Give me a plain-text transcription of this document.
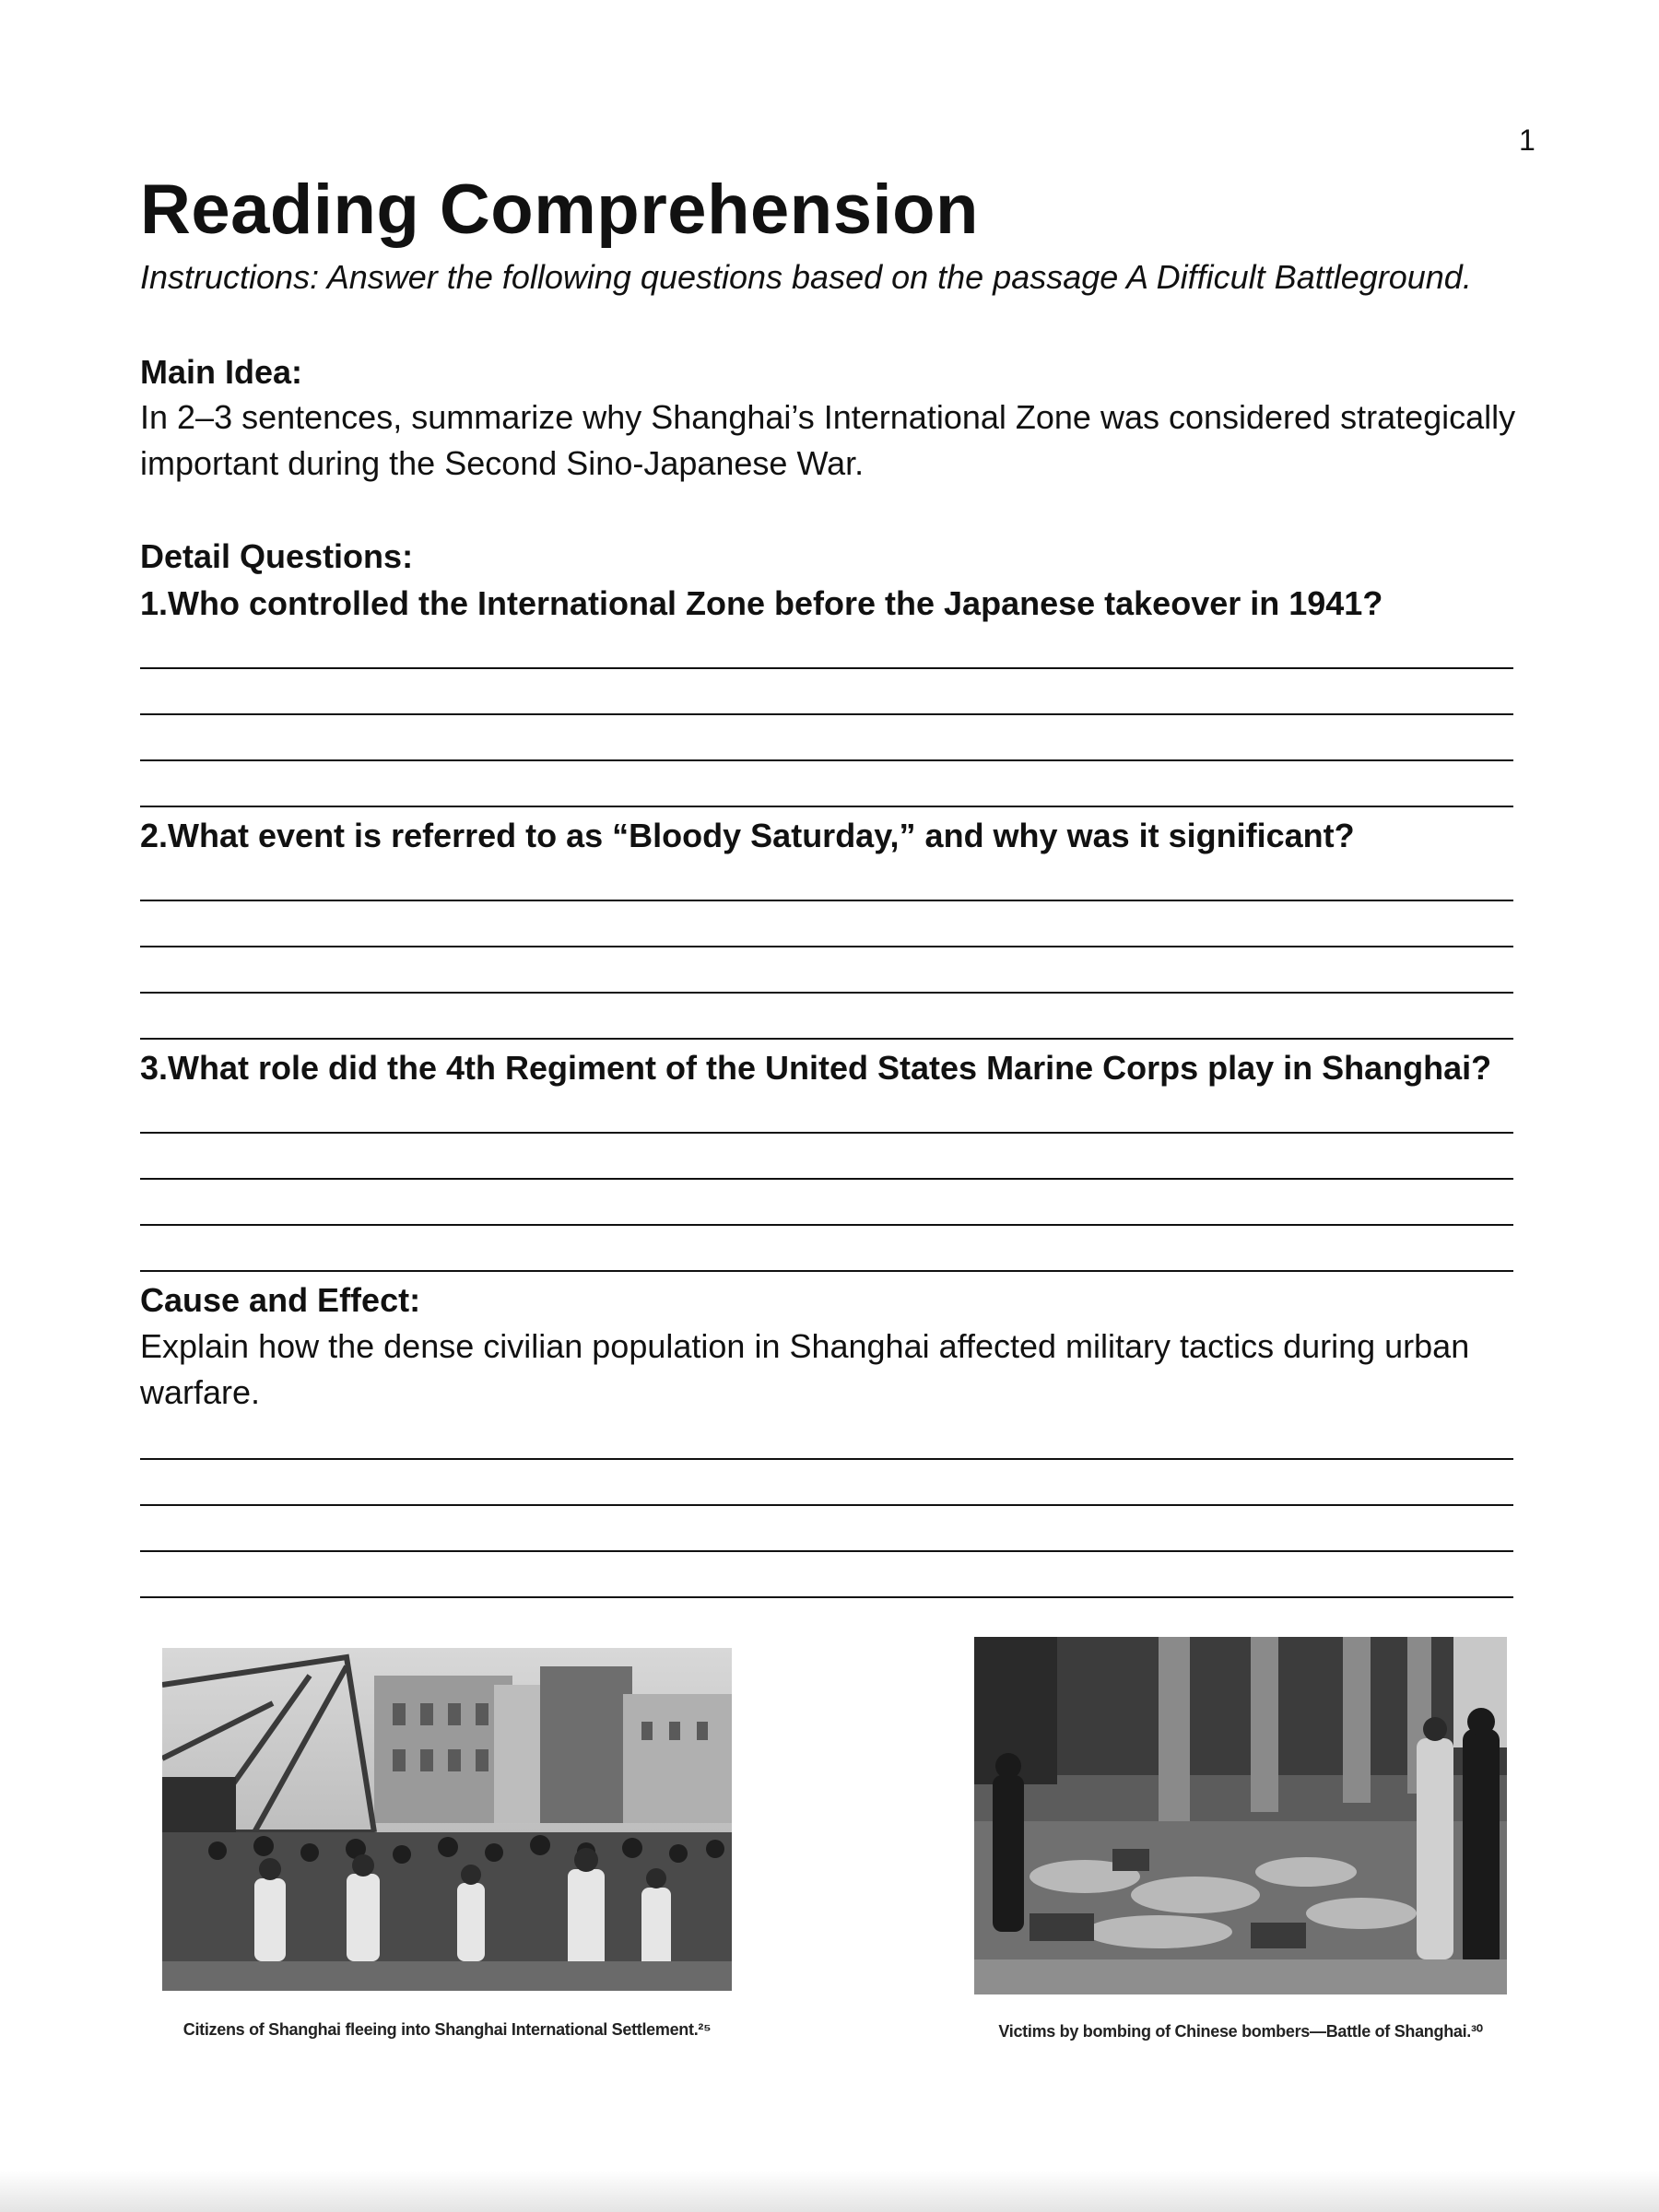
1
Reading Comprehension

Instructions: Answer the following questions based on the passage A Difficult Battleground.

Main Idea:

In 2–3 sentences, summarize why Shanghai’s International Zone was considered strategically important during the Second Sino-Japanese War.

Detail Questions:

1.Who controlled the International Zone before the Japanese takeover in 1941?

2.What event is referred to as “Bloody Saturday,” and why was it significant?

3.What role did the 4th Regiment of the United States Marine Corps play in Shanghai?

Cause and Effect:

Explain how the dense civilian population in Shanghai affected military tactics during urban warfare.

Citizens of Shanghai fleeing into Shanghai International Settlement.²⁵	Victims by bombing of Chinese bombers—Battle of Shanghai.³⁰
